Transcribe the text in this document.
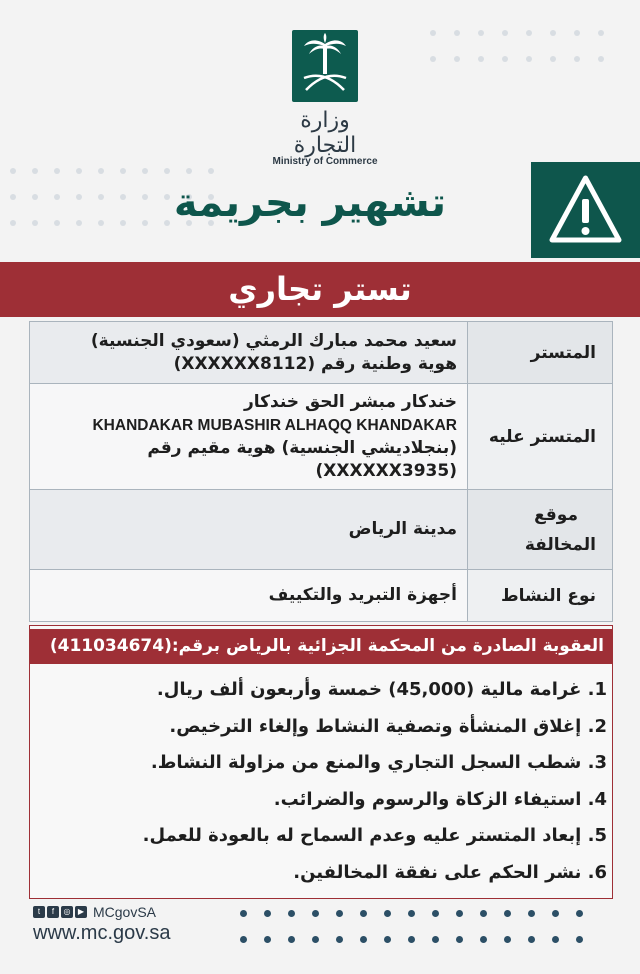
وزارة التجارة
Ministry of Commerce
تشهير بجريمة
تستر تجاري
المتستر	سعيد محمد مبارك الرمثي (سعودي الجنسية)
هوية وطنية رقم (XXXXXX8112)

المتستر عليه	خندكار مبشر الحق خندكار
KHANDAKAR MUBASHIR ALHAQQ KHANDAKAR
(بنجلاديشي الجنسية) هوية مقيم رقم
(XXXXXX3935)

موقع
المخالفة	مدينة الرياض

نوع النشاط	أجهزة التبريد والتكييف
العقوبة الصادرة من المحكمة الجزائية بالرياض برقم:(411034674)
1. غرامة مالية (45,000) خمسة وأربعون ألف ريال.
2. إغلاق المنشأة وتصفية النشاط وإلغاء الترخيص.
3. شطب السجل التجاري والمنع من مزاولة النشاط.
4. استيفاء الزكاة والرسوم والضرائب.
5. إبعاد المتستر عليه وعدم السماح له بالعودة للعمل.
6. نشر الحكم على نفقة المخالفين.
t	f	◎ ▶ MCgovSA
www.mc.gov.sa
